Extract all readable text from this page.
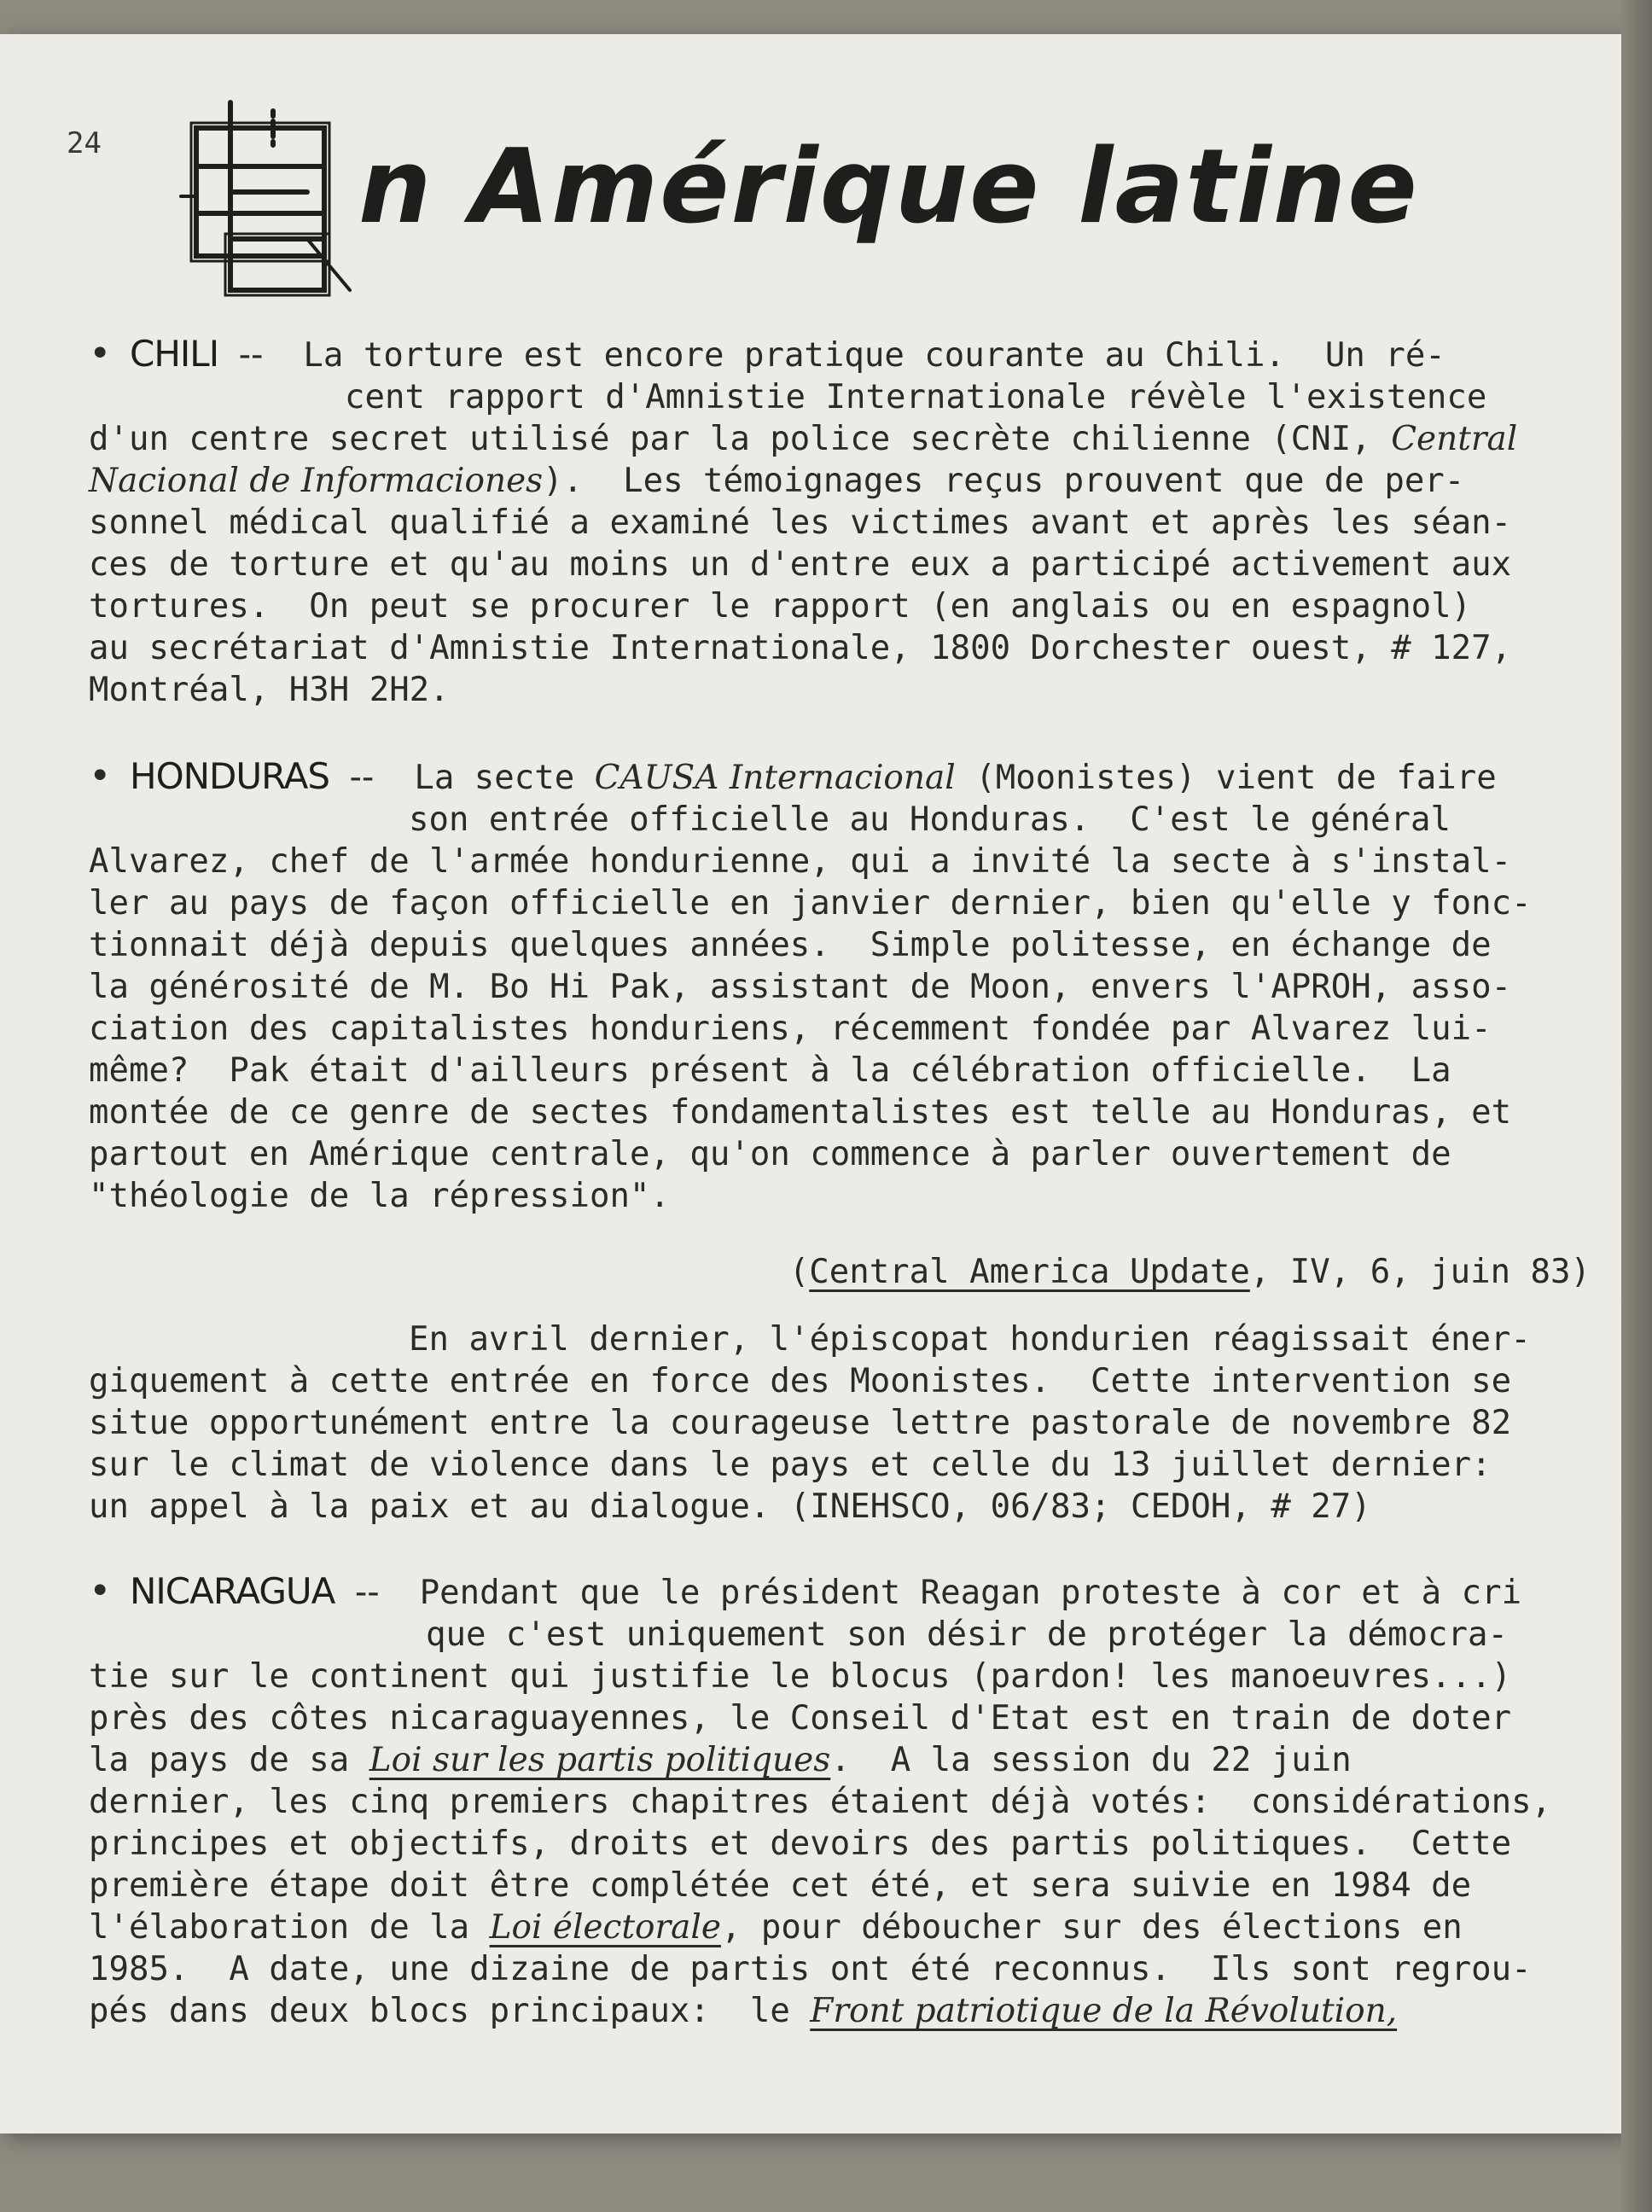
24	n Amérique latine

• CHILI -- La torture est encore pratique courante au Chili.  Un ré-

cent rapport d'Amnistie Internationale révèle l'existence

d'un centre secret utilisé par la police secrète chilienne (CNI, Central

Nacional de Informaciones).  Les témoignages reçus prouvent que de per-

sonnel médical qualifié a examiné les victimes avant et après les séan-

ces de torture et qu'au moins un d'entre eux a participé activement aux

tortures.  On peut se procurer le rapport (en anglais ou en espagnol)

au secrétariat d'Amnistie Internationale, 1800 Dorchester ouest, # 127,

Montréal, H3H 2H2.

• HONDURAS -- La secte CAUSA Internacional (Moonistes) vient de faire

son entrée officielle au Honduras.  C'est le général

Alvarez, chef de l'armée hondurienne, qui a invité la secte à s'instal-

ler au pays de façon officielle en janvier dernier, bien qu'elle y fonc-

tionnait déjà depuis quelques années.  Simple politesse, en échange de

la générosité de M. Bo Hi Pak, assistant de Moon, envers l'APROH, asso-

ciation des capitalistes honduriens, récemment fondée par Alvarez lui-

même?  Pak était d'ailleurs présent à la célébration officielle.  La

montée de ce genre de sectes fondamentalistes est telle au Honduras, et

partout en Amérique centrale, qu'on commence à parler ouvertement de

"théologie de la répression".

(Central America Update, IV, 6, juin 83)

En avril dernier, l'épiscopat hondurien réagissait éner-

giquement à cette entrée en force des Moonistes.  Cette intervention se

situe opportunément entre la courageuse lettre pastorale de novembre 82

sur le climat de violence dans le pays et celle du 13 juillet dernier:

un appel à la paix et au dialogue. (INEHSCO, 06/83; CEDOH, # 27)

• NICARAGUA -- Pendant que le président Reagan proteste à cor et à cri

que c'est uniquement son désir de protéger la démocra-

tie sur le continent qui justifie le blocus (pardon! les manoeuvres...)

près des côtes nicaraguayennes, le Conseil d'Etat est en train de doter

la pays de sa Loi sur les partis politiques.  A la session du 22 juin

dernier, les cinq premiers chapitres étaient déjà votés:  considérations,

principes et objectifs, droits et devoirs des partis politiques.  Cette

première étape doit être complétée cet été, et sera suivie en 1984 de

l'élaboration de la Loi électorale, pour déboucher sur des élections en

1985.  A date, une dizaine de partis ont été reconnus.  Ils sont regrou-

pés dans deux blocs principaux:  le Front patriotique de la Révolution,
